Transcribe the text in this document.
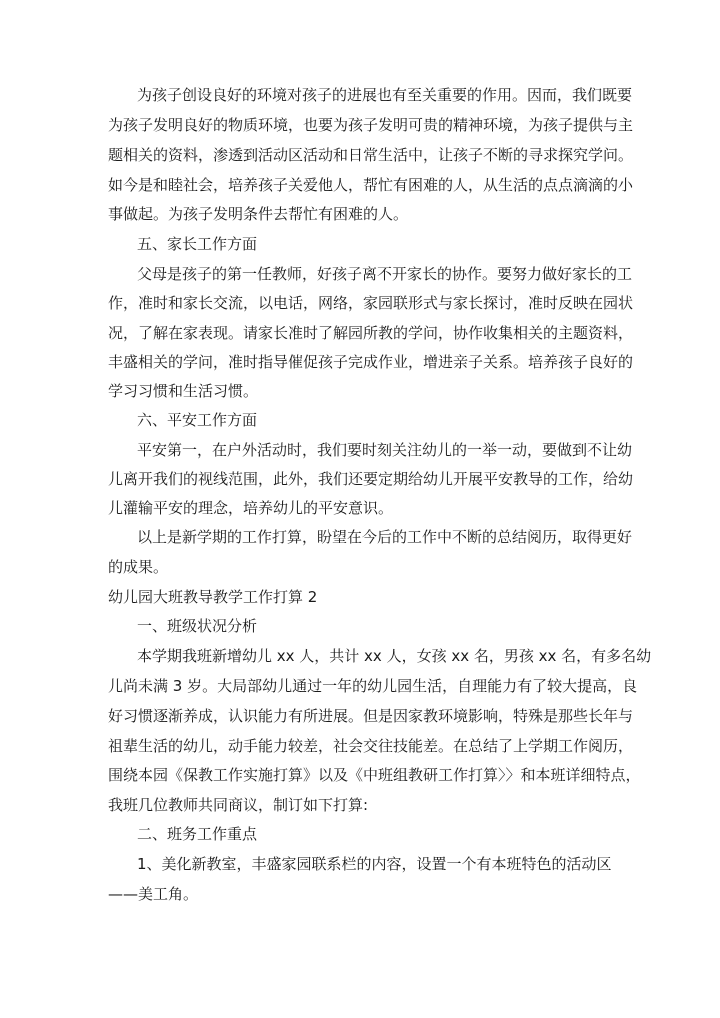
为孩子创设良好的环境对孩子的进展也有至关重要的作用。因而，我们既要
为孩子发明良好的物质环境，也要为孩子发明可贵的精神环境，为孩子提供与主
题相关的资料，渗透到活动区活动和日常生活中，让孩子不断的寻求探究学问。
如今是和睦社会，培养孩子关爱他人，帮忙有困难的人，从生活的点点滴滴的小
事做起。为孩子发明条件去帮忙有困难的人。
五、家长工作方面
父母是孩子的第一任教师，好孩子离不开家长的协作。要努力做好家长的工
作，准时和家长交流，以电话，网络，家园联形式与家长探讨，准时反映在园状
况，了解在家表现。请家长准时了解园所教的学问，协作收集相关的主题资料，
丰盛相关的学问，准时指导催促孩子完成作业，增进亲子关系。培养孩子良好的
学习习惯和生活习惯。
六、平安工作方面
平安第一，在户外活动时，我们要时刻关注幼儿的一举一动，要做到不让幼
儿离开我们的视线范围，此外，我们还要定期给幼儿开展平安教导的工作，给幼
儿灌输平安的理念，培养幼儿的平安意识。
以上是新学期的工作打算，盼望在今后的工作中不断的总结阅历，取得更好
的成果。
幼儿园大班教导教学工作打算 2
一、班级状况分析
本学期我班新增幼儿 xx 人，共计 xx 人，女孩 xx 名，男孩 xx 名，有多名幼
儿尚未满 3 岁。大局部幼儿通过一年的幼儿园生活，自理能力有了较大提高，良
好习惯逐渐养成，认识能力有所进展。但是因家教环境影响，特殊是那些长年与
祖辈生活的幼儿，动手能力较差，社会交往技能差。在总结了上学期工作阅历，
围绕本园《保教工作实施打算》以及《中班组教研工作打算〉〉和本班详细特点，
我班几位教师共同商议，制订如下打算:
二、班务工作重点
1、美化新教室，丰盛家园联系栏的内容，设置一个有本班特色的活动区
——美工角。
